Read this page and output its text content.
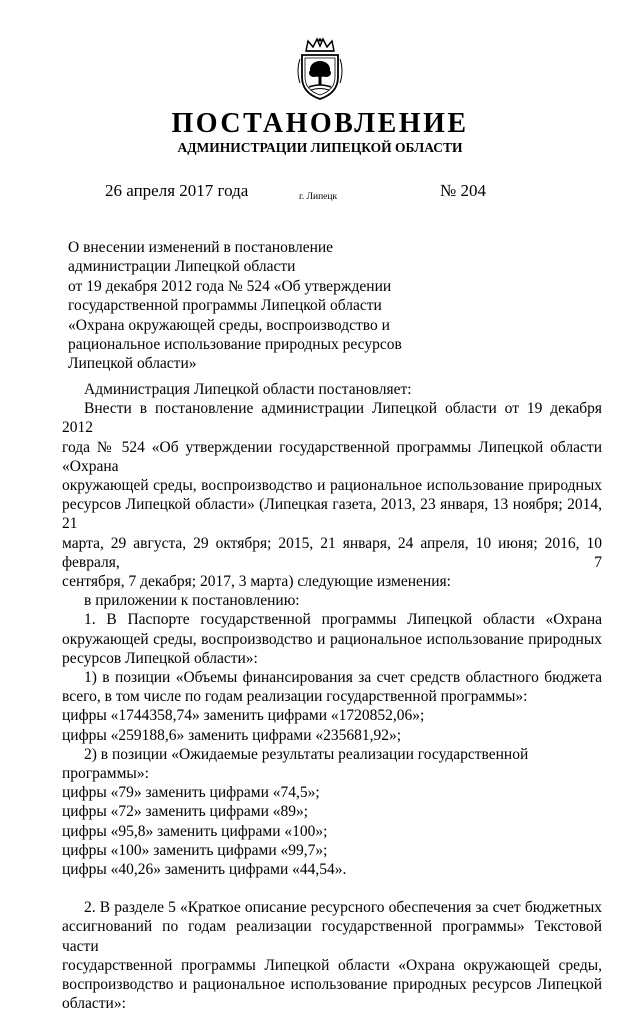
ПОСТАНОВЛЕНИЕ
АДМИНИСТРАЦИИ ЛИПЕЦКОЙ ОБЛАСТИ
26 апреля 2017 года	г. Липецк	№ 204
О внесении изменений в постановление
администрации Липецкой области
от 19 декабря 2012 года № 524 «Об утверждении
государственной программы Липецкой области
«Охрана окружающей среды, воспроизводство и
рациональное использование природных ресурсов
Липецкой области»
Администрация Липецкой области постановляет:
Внести в постановление администрации Липецкой области от 19 декабря 2012
года № 524 «Об утверждении государственной программы Липецкой области «Охрана
окружающей среды, воспроизводство и рациональное использование природных
ресурсов Липецкой области» (Липецкая газета, 2013, 23 января, 13 ноября; 2014, 21
марта, 29 августа, 29 октября; 2015, 21 января, 24 апреля, 10 июня; 2016, 10 февраля, 7
сентября, 7 декабря; 2017, 3 марта) следующие изменения:
в приложении к постановлению:
1. В Паспорте государственной программы Липецкой области «Охрана
окружающей среды, воспроизводство и рациональное использование природных
ресурсов Липецкой области»:
1) в позиции «Объемы финансирования за счет средств областного бюджета
всего, в том числе по годам реализации государственной программы»:
цифры «1744358,74» заменить цифрами «1720852,06»;
цифры «259188,6» заменить цифрами «235681,92»;
2) в позиции «Ожидаемые результаты реализации государственной программы»:
цифры «79» заменить цифрами «74,5»;
цифры «72» заменить цифрами «89»;
цифры «95,8» заменить цифрами «100»;
цифры «100» заменить цифрами «99,7»;
цифры «40,26» заменить цифрами «44,54».
2. В разделе 5 «Краткое описание ресурсного обеспечения за счет бюджетных
ассигнований по годам реализации государственной программы» Текстовой части
государственной программы Липецкой области «Охрана окружающей среды,
воспроизводство и рациональное использование природных ресурсов Липецкой
области»:
